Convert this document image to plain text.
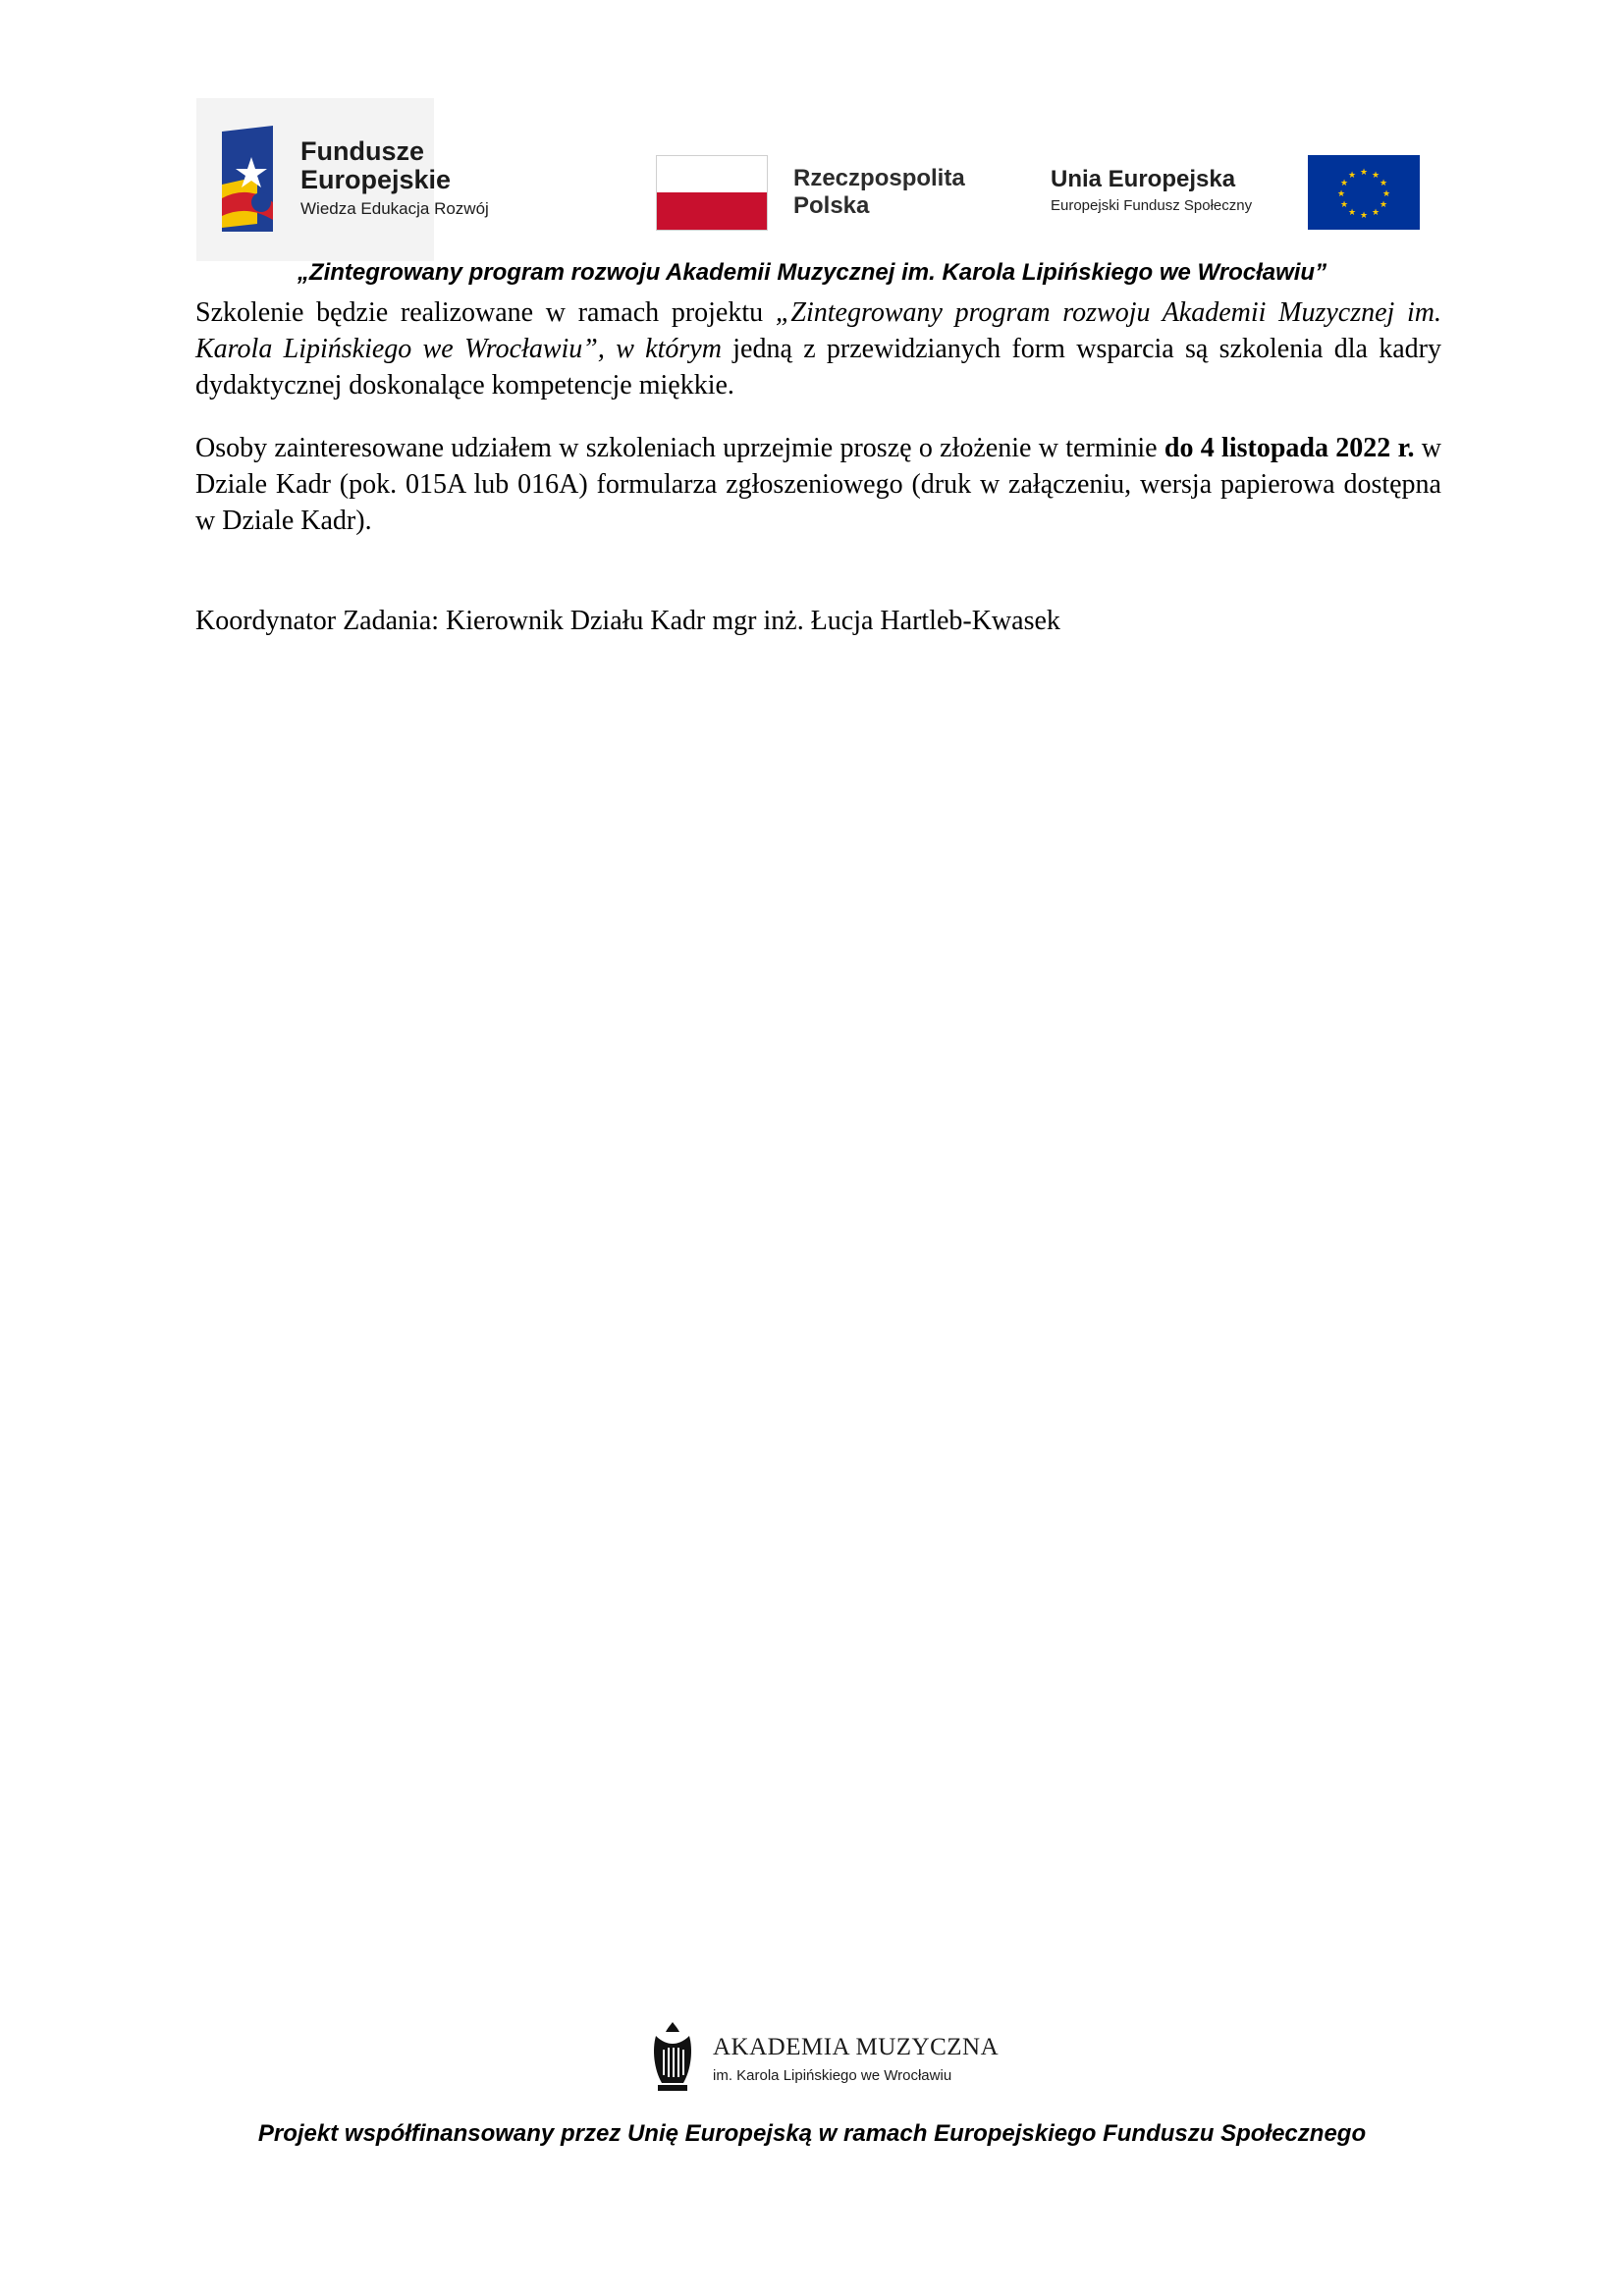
Fundusze
Europejskie
Wiedza Edukacja Rozwój
Rzeczpospolita
Polska
Unia Europejska
Europejski Fundusz Społeczny
★ ★
★
★
★
★
★
★
★
★
★
★
„Zintegrowany program rozwoju Akademii Muzycznej im. Karola Lipińskiego we Wrocławiu”

Szkolenie będzie realizowane w ramach projektu „Zintegrowany program rozwoju Akademii Muzycznej im. Karola Lipińskiego we Wrocławiu”, w którym jedną z przewidzianych form wsparcia są szkolenia dla kadry dydaktycznej doskonalące kompetencje miękkie.

Osoby zainteresowane udziałem w szkoleniach uprzejmie proszę o złożenie w terminie do 4 listopada 2022 r. w Dziale Kadr (pok. 015A lub 016A) formularza zgłoszeniowego (druk w załączeniu, wersja papierowa dostępna w Dziale Kadr).

Koordynator Zadania: Kierownik Działu Kadr mgr inż. Łucja Hartleb-Kwasek
AKADEMIA MUZYCZNA
im. Karola Lipińskiego we Wrocławiu
Projekt współfinansowany przez Unię Europejską w ramach Europejskiego Funduszu Społecznego
